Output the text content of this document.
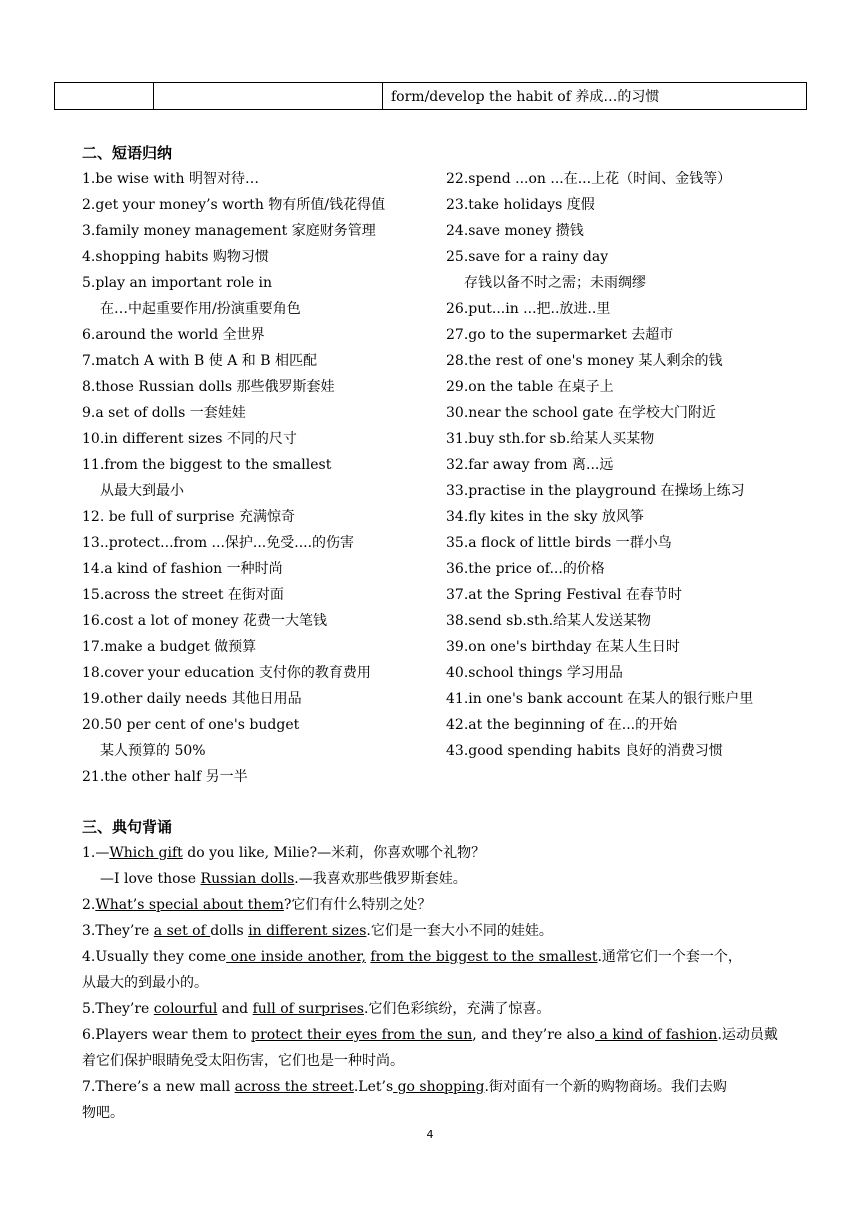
		form/develop the habit of 养成…的习惯
二、短语归纳
1.be wise with 明智对待…
2.get your money’s worth 物有所值/钱花得值
3.family money management 家庭财务管理
4.shopping habits 购物习惯
5.play an important role in
在…中起重要作用/扮演重要角色
6.around the world 全世界
7.match A with B 使 A 和 B 相匹配
8.those Russian dolls 那些俄罗斯套娃
9.a set of dolls 一套娃娃
10.in different sizes 不同的尺寸
11.from the biggest to the smallest
从最大到最小
12. be full of surprise 充满惊奇
13..protect...from ...保护...免受....的伤害
14.a kind of fashion 一种时尚
15.across the street 在街对面
16.cost a lot of money 花费一大笔钱
17.make a budget 做预算
18.cover your education 支付你的教育费用
19.other daily needs 其他日用品
20.50 per cent of one's budget
某人预算的 50%
21.the other half 另一半
22.spend ...on ...在...上花（时间、金钱等）
23.take holidays 度假
24.save money 攒钱
25.save for a rainy day
存钱以备不时之需；未雨绸缪
26.put...in ...把..放进..里
27.go to the supermarket 去超市
28.the rest of one's money 某人剩余的钱
29.on the table 在桌子上
30.near the school gate 在学校大门附近
31.buy sth.for sb.给某人买某物
32.far away from 离...远
33.practise in the playground 在操场上练习
34.fly kites in the sky 放风筝
35.a flock of little birds 一群小鸟
36.the price of...的价格
37.at the Spring Festival 在春节时
38.send sb.sth.给某人发送某物
39.on one's birthday 在某人生日时
40.school things 学习用品
41.in one's bank account 在某人的银行账户里
42.at the beginning of 在...的开始
43.good spending habits 良好的消费习惯
三、典句背诵
1.—Which gift do you like, Milie?—米莉，你喜欢哪个礼物？
—I love those Russian dolls.—我喜欢那些俄罗斯套娃。
2.What’s special about them?它们有什么特别之处？
3.They’re a set of dolls in different sizes.它们是一套大小不同的娃娃。
4.Usually they come one inside another, from the biggest to the smallest.通常它们一个套一个，
从最大的到最小的。
5.They’re colourful and full of surprises.它们色彩缤纷，充满了惊喜。
6.Players wear them to protect their eyes from the sun, and they’re also a kind of fashion.运动员戴
着它们保护眼睛免受太阳伤害，它们也是一种时尚。
7.There’s a new mall across the street.Let’s go shopping.街对面有一个新的购物商场。我们去购
物吧。
4
